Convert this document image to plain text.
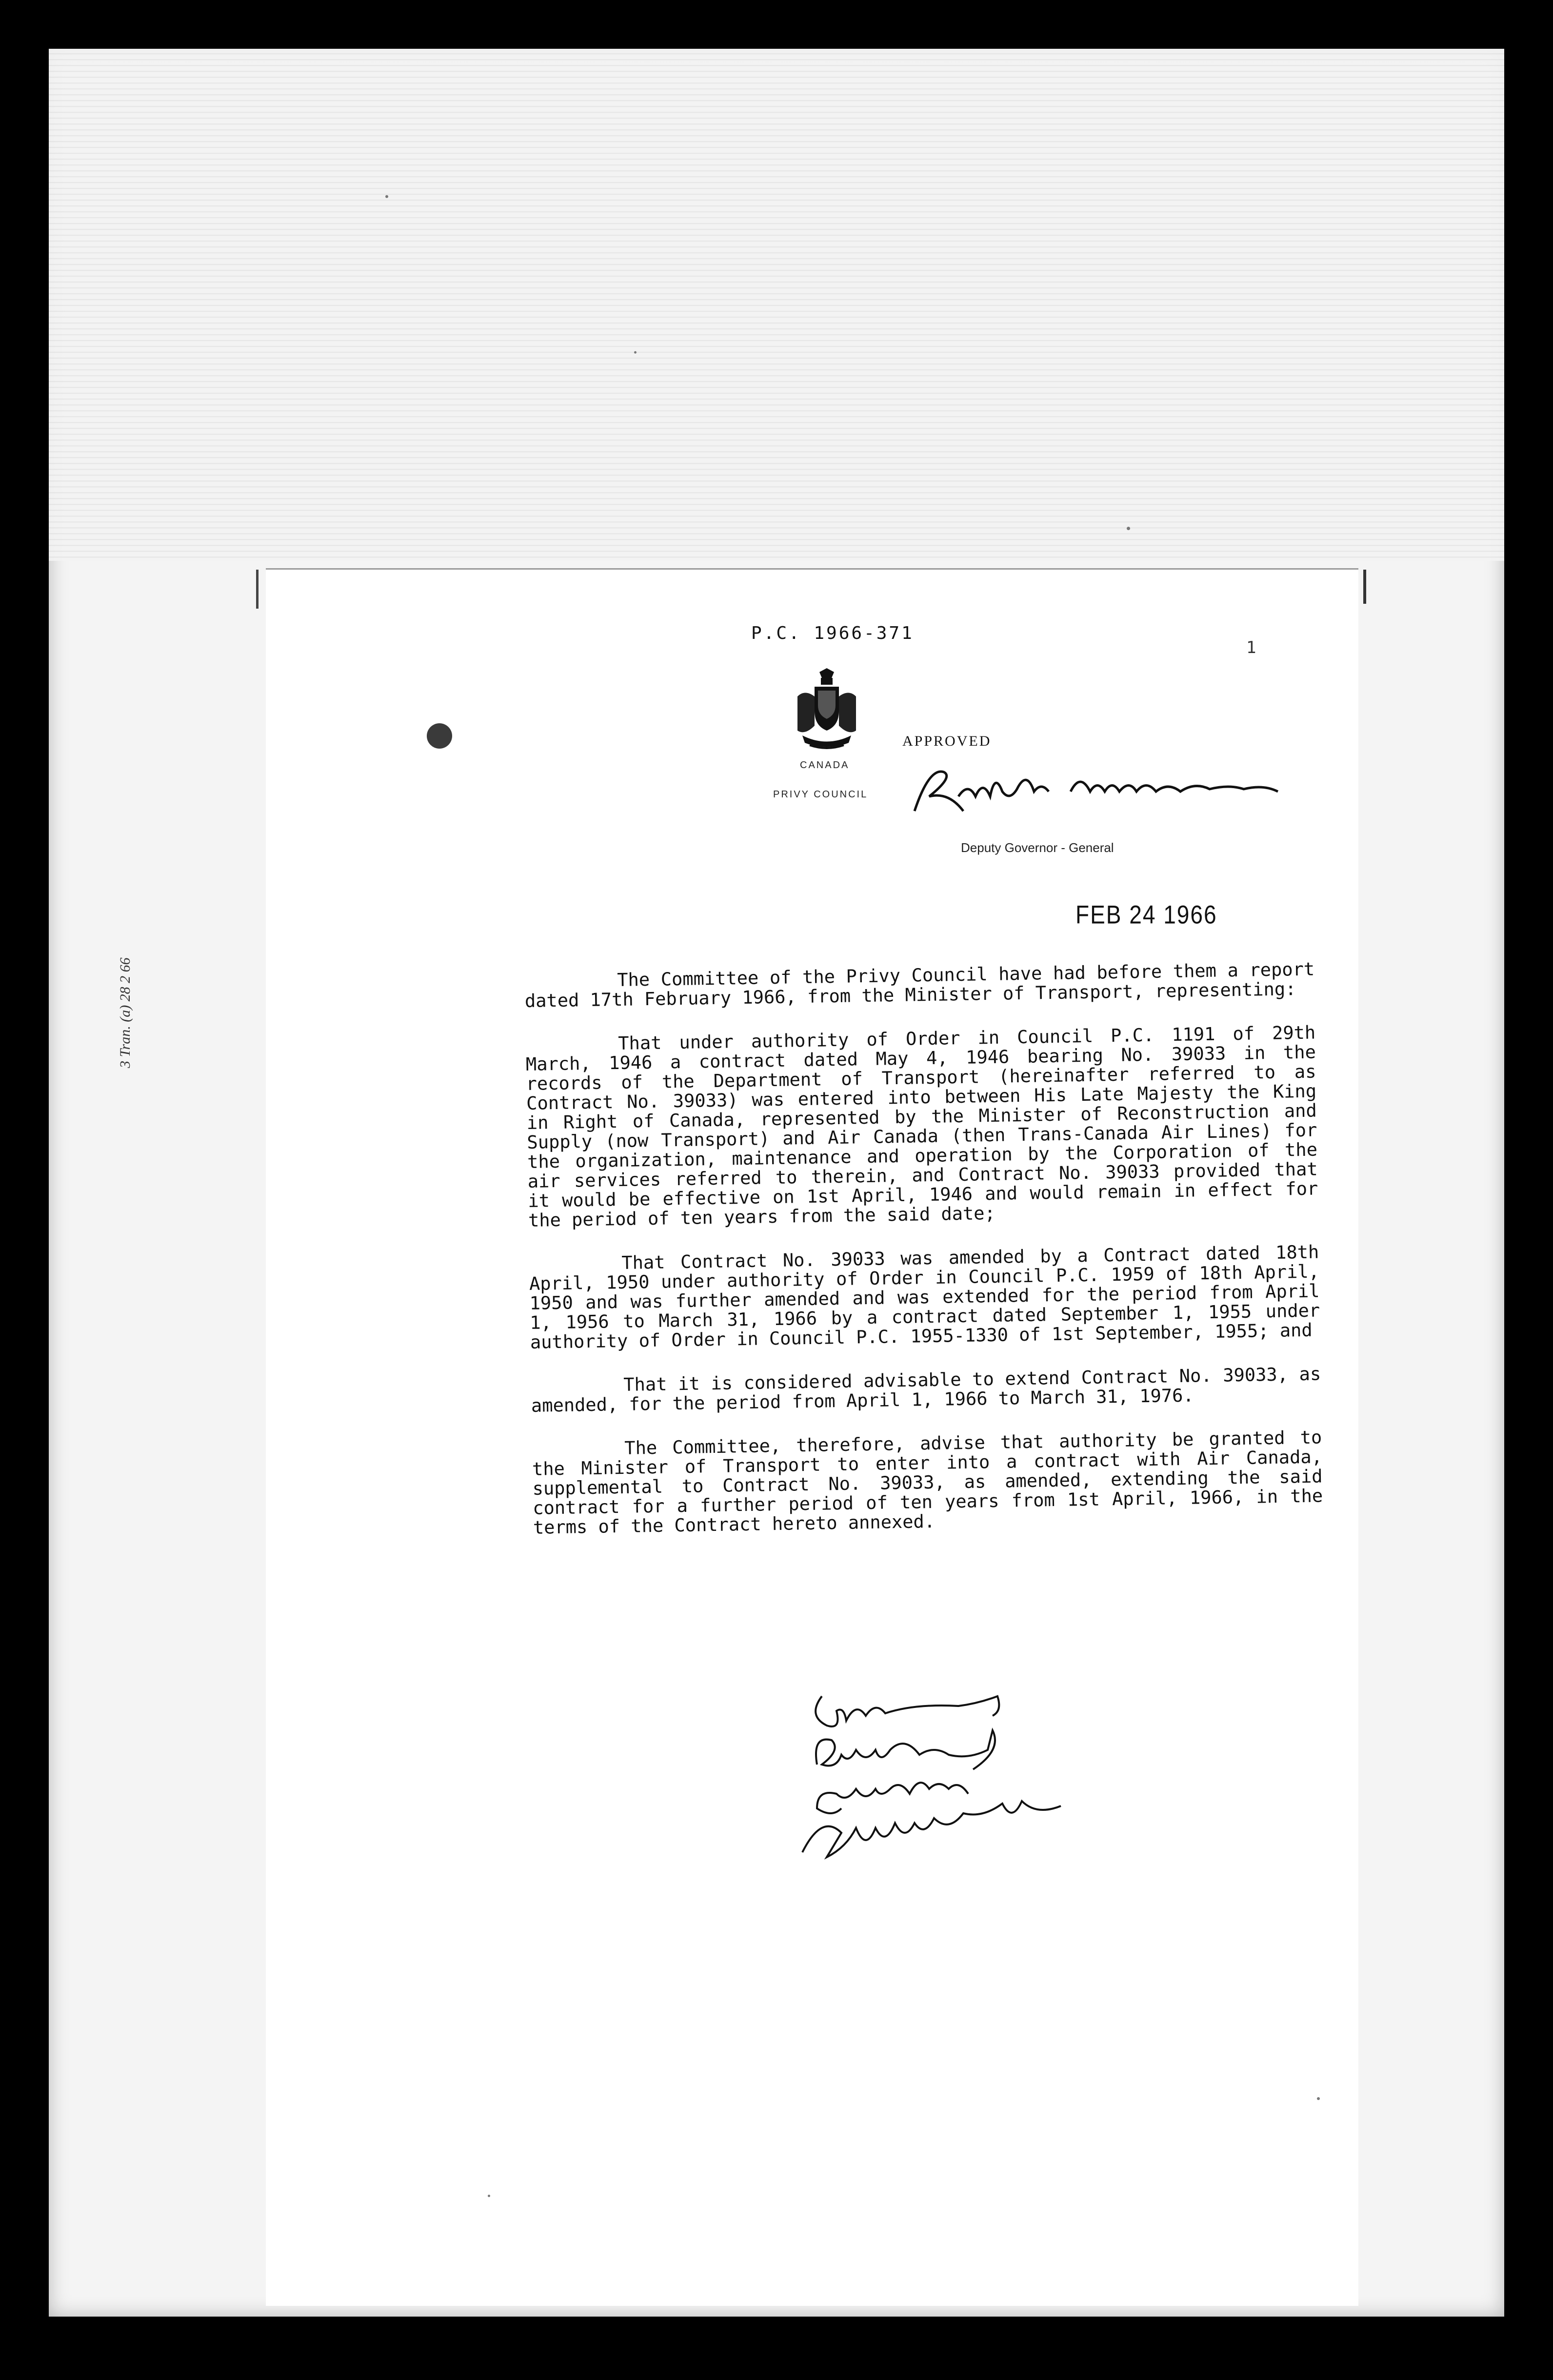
3 Tran. (a) 28 2 66
P.C. 1966-371
1
CANADA
PRIVY COUNCIL
APPROVED
Deputy Governor - General
FEB 24 1966

The Committee of the Privy Council have had before them a report dated 17th February 1966, from the Minister of Transport, representing:

That under authority of Order in Council P.C. 1191 of 29th March, 1946 a contract dated May 4, 1946 bearing No. 39033 in the records of the Department of Transport (hereinafter referred to as Contract No. 39033) was entered into between His Late Majesty the King in Right of Canada, represented by the Minister of Reconstruction and Supply (now Transport) and Air Canada (then Trans-Canada Air Lines) for the organization, maintenance and operation by the Corporation of the air services referred to therein, and Contract No. 39033 provided that it would be effective on 1st April, 1946 and would remain in effect for the period of ten years from the said date;

That Contract No. 39033 was amended by a Contract dated 18th April, 1950 under authority of Order in Council P.C. 1959 of 18th April, 1950 and was further amended and was extended for the period from April 1, 1956 to March 31, 1966 by a contract dated September 1, 1955 under authority of Order in Council P.C. 1955-1330 of 1st September, 1955; and

That it is considered advisable to extend Contract No. 39033, as amended, for the period from April 1, 1966 to March 31, 1976.

The Committee, therefore, advise that authority be granted to the Minister of Transport to enter into a contract with Air Canada, supplemental to Contract No. 39033, as amended, extending the said contract for a further period of ten years from 1st April, 1966, in the terms of the Contract hereto annexed.
